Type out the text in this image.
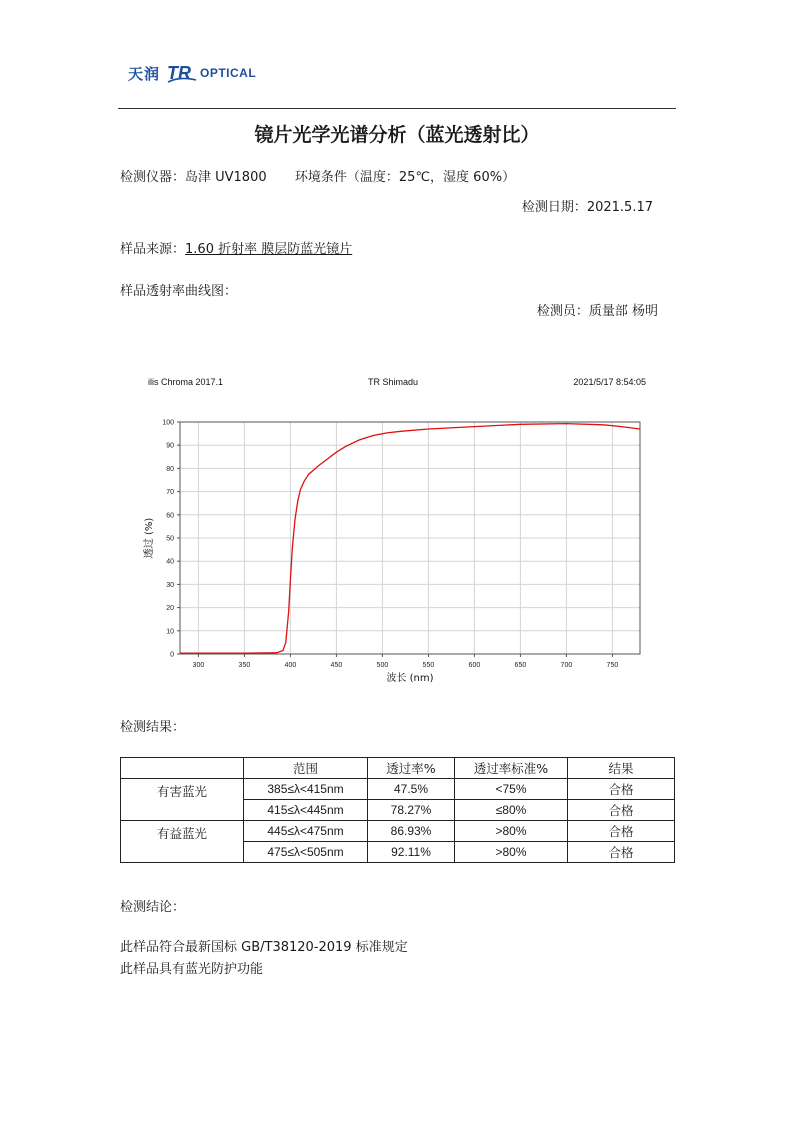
天润 TR OPTICAL
镜片光学光谱分析（蓝光透射比）
检测仪器：岛津 UV1800 环境条件（温度：25℃，湿度 60%）
检测日期：2021.5.17
样品来源：1.60 折射率 膜层防蓝光镜片
样品透射率曲线图：
检测员：质量部 杨明
ilis Chroma 2017.1	TR Shimadu	2021/5/17 8:54:05
300	350	400	450	500	550	600	650	700	750
0
10
20
30
40
50
60
70
80
90
100
波长 (nm)
透过 (%)
检测结果：
	范围	透过率%	透过率标准%	结果
有害蓝光	385≤λ<415nm	47.5%	<75%	合格
	415≤λ<445nm	78.27%	≤80%	合格
有益蓝光	445≤λ<475nm	86.93%	>80%	合格
	475≤λ<505nm	92.11%	>80%	合格
检测结论：
此样品符合最新国标 GB/T38120-2019 标准规定
此样品具有蓝光防护功能
